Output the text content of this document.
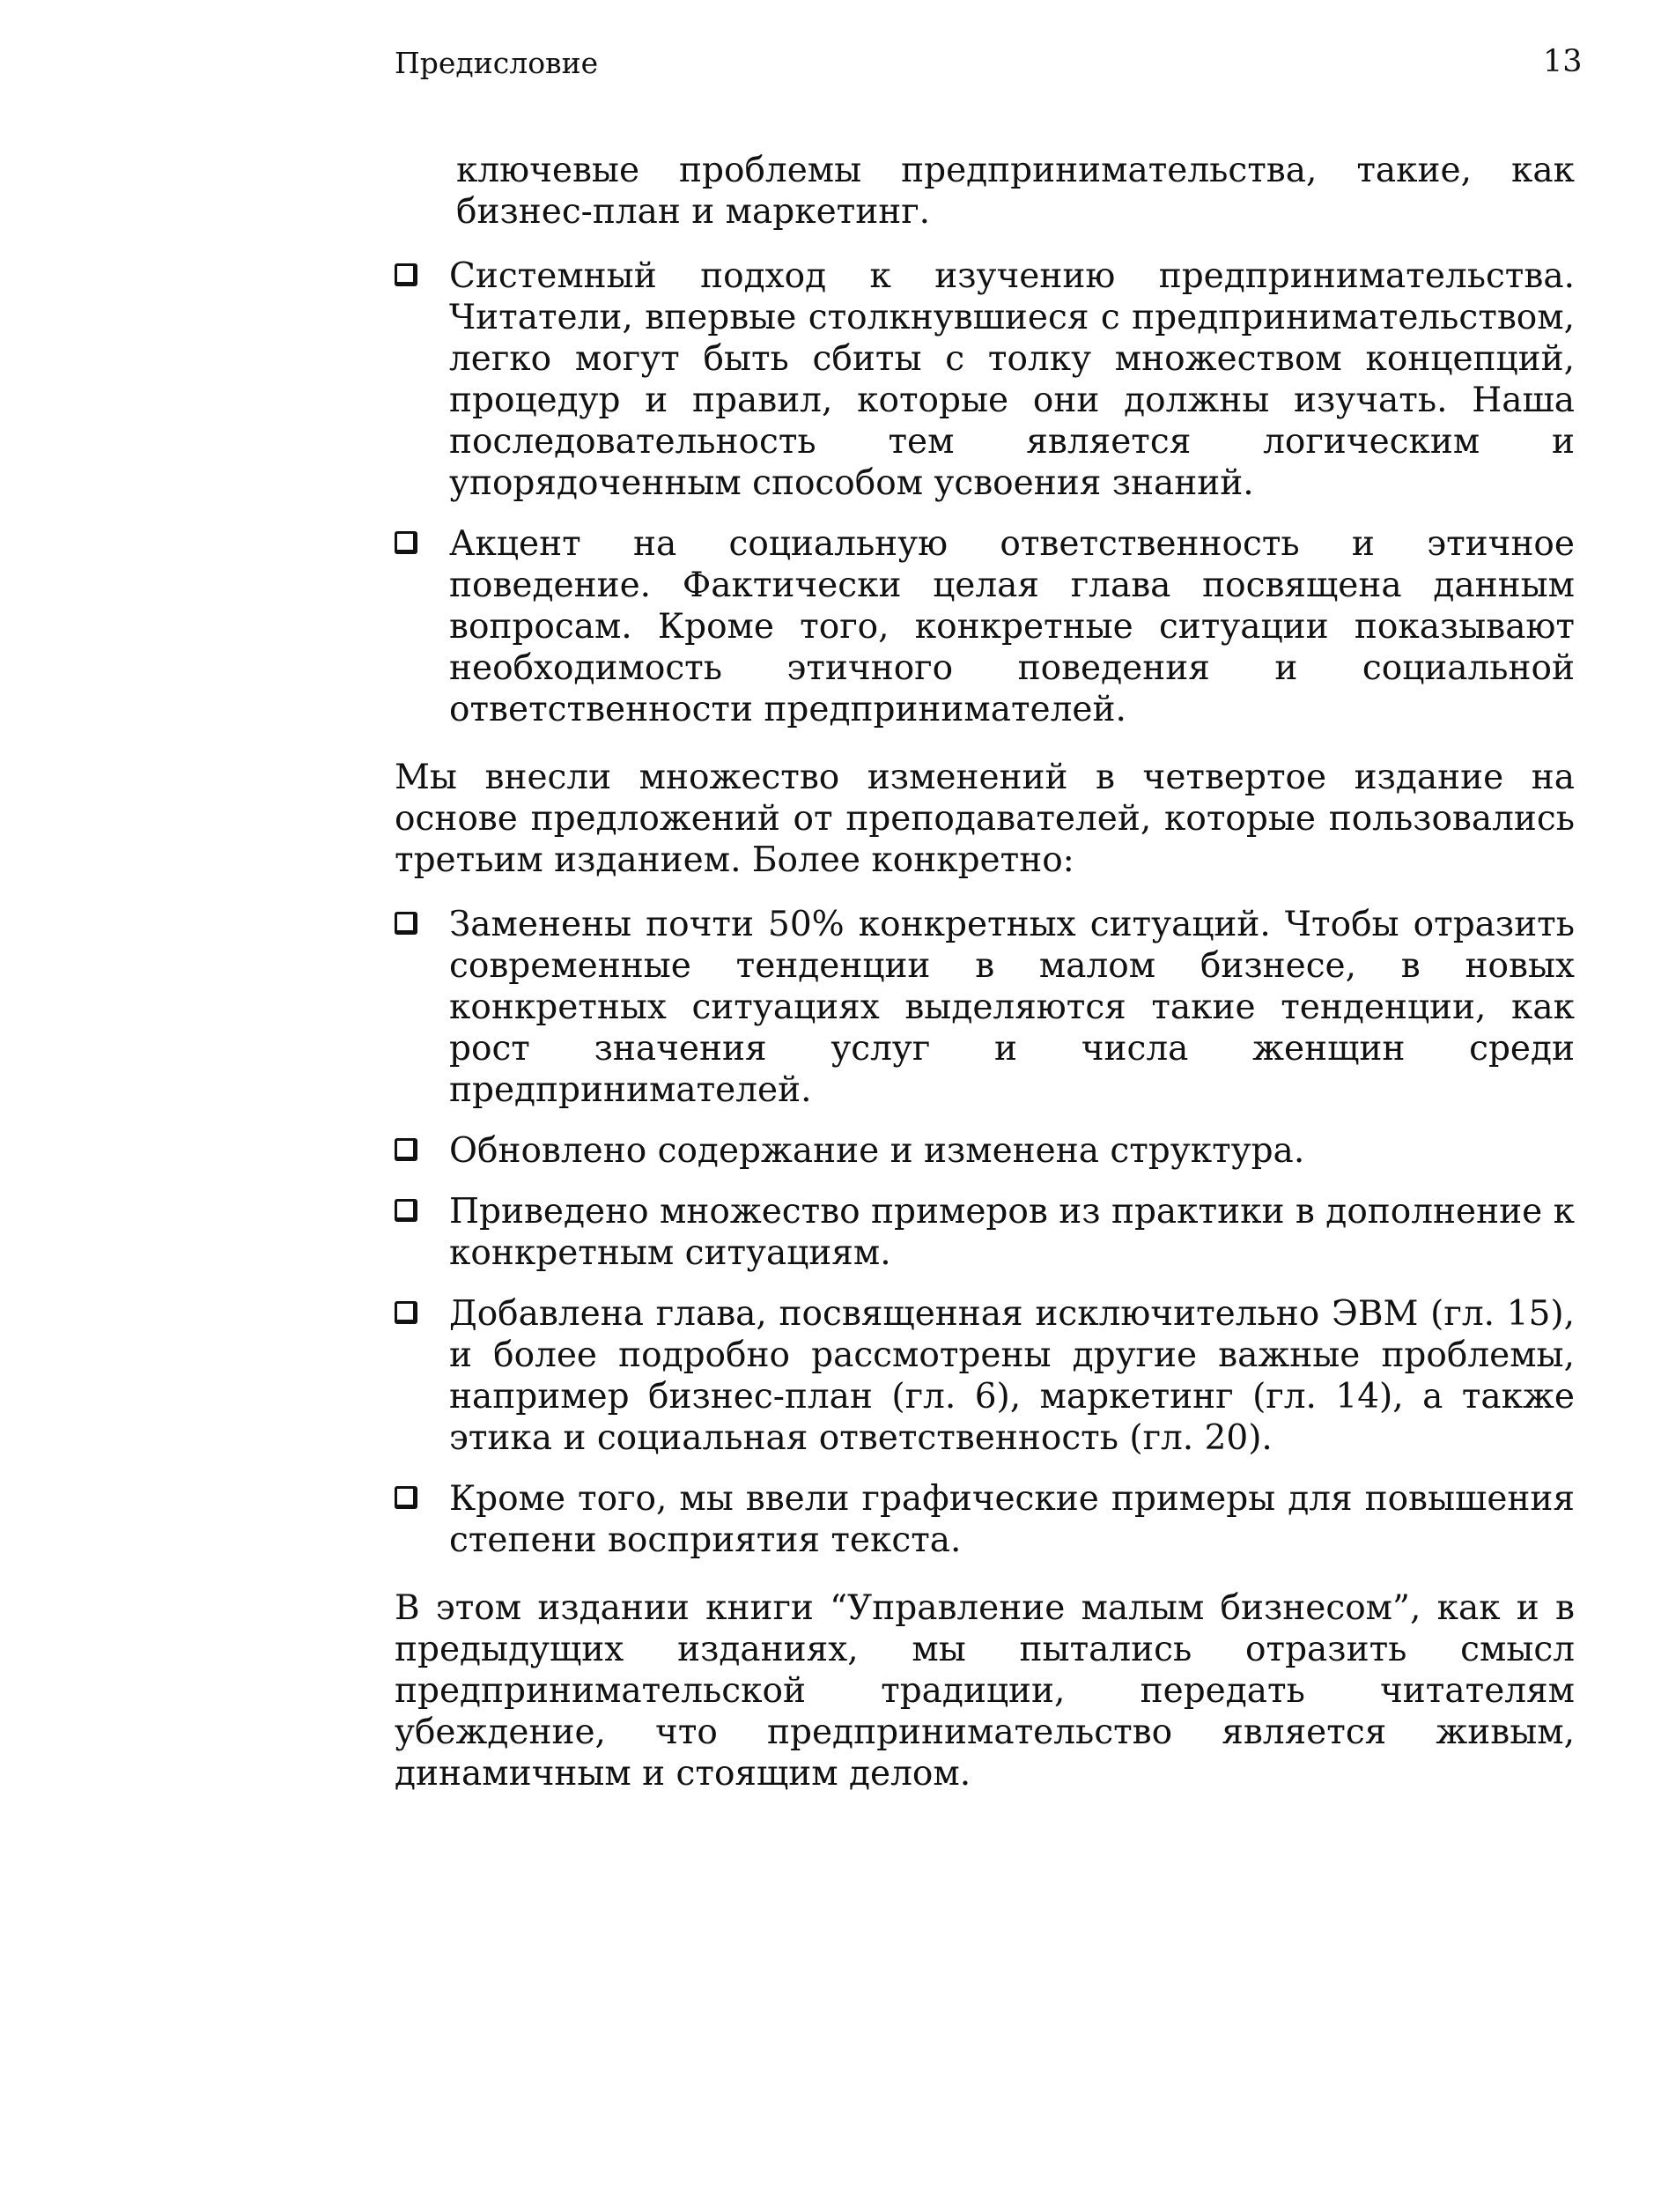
Предисловие	13

ключевые проблемы предпринимательства, такие, как бизнес-план и маркетинг.

Системный подход к изучению предпринимательства. Читатели, впервые столкнувшиеся с предпринимательством, легко могут быть сбиты с толку множеством концепций, процедур и правил, которые они должны изучать. Наша последовательность тем является логическим и упорядоченным способом усвоения знаний.
Акцент на социальную ответственность и этичное поведение. Фактически целая глава посвящена данным вопросам. Кроме того, конкретные ситуации показывают необходимость этичного поведения и социальной ответственности предпринимателей.

Мы внесли множество изменений в четвертое издание на основе предложений от преподавателей, которые пользовались третьим изданием. Более конкретно:

Заменены почти 50% конкретных ситуаций. Чтобы отразить современные тенденции в малом бизнесе, в новых конкретных ситуациях выделяются такие тенденции, как рост значения услуг и числа женщин среди предпринимателей.
Обновлено содержание и изменена структура.
Приведено множество примеров из практики в дополнение к конкретным ситуациям.
Добавлена глава, посвященная исключительно ЭВМ (гл. 15), и более подробно рассмотрены другие важные проблемы, например бизнес-план (гл. 6), маркетинг (гл. 14), а также этика и социальная ответственность (гл. 20).
Кроме того, мы ввели графические примеры для повышения степени восприятия текста.

В этом издании книги “Управление малым бизнесом”, как и в предыдущих изданиях, мы пытались отразить смысл предпринимательской традиции, передать читателям убеждение, что предпринимательство является живым, динамичным и стоящим делом.
